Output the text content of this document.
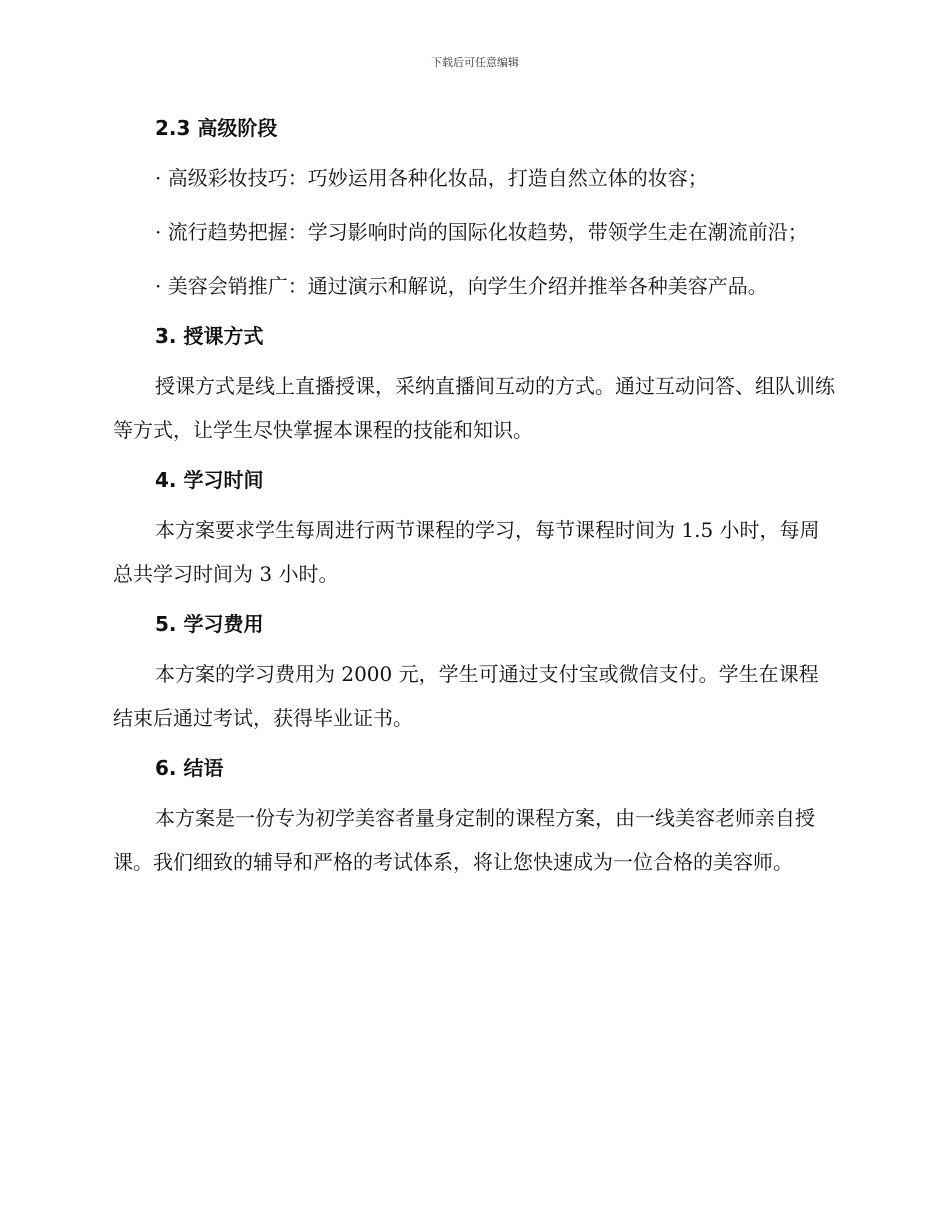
下载后可任意编辑
2.3 高级阶段

· 高级彩妆技巧：巧妙运用各种化妆品，打造自然立体的妆容；

· 流行趋势把握：学习影响时尚的国际化妆趋势，带领学生走在潮流前沿；

· 美容会销推广：通过演示和解说，向学生介绍并推举各种美容产品。

3. 授课方式

授课方式是线上直播授课，采纳直播间互动的方式。通过互动问答、组队训练等方式，让学生尽快掌握本课程的技能和知识。

4. 学习时间

本方案要求学生每周进行两节课程的学习，每节课程时间为 1.5 小时，每周总共学习时间为 3 小时。

5. 学习费用

本方案的学习费用为 2000 元，学生可通过支付宝或微信支付。学生在课程结束后通过考试，获得毕业证书。

6. 结语

本方案是一份专为初学美容者量身定制的课程方案，由一线美容老师亲自授课。我们细致的辅导和严格的考试体系，将让您快速成为一位合格的美容师。
